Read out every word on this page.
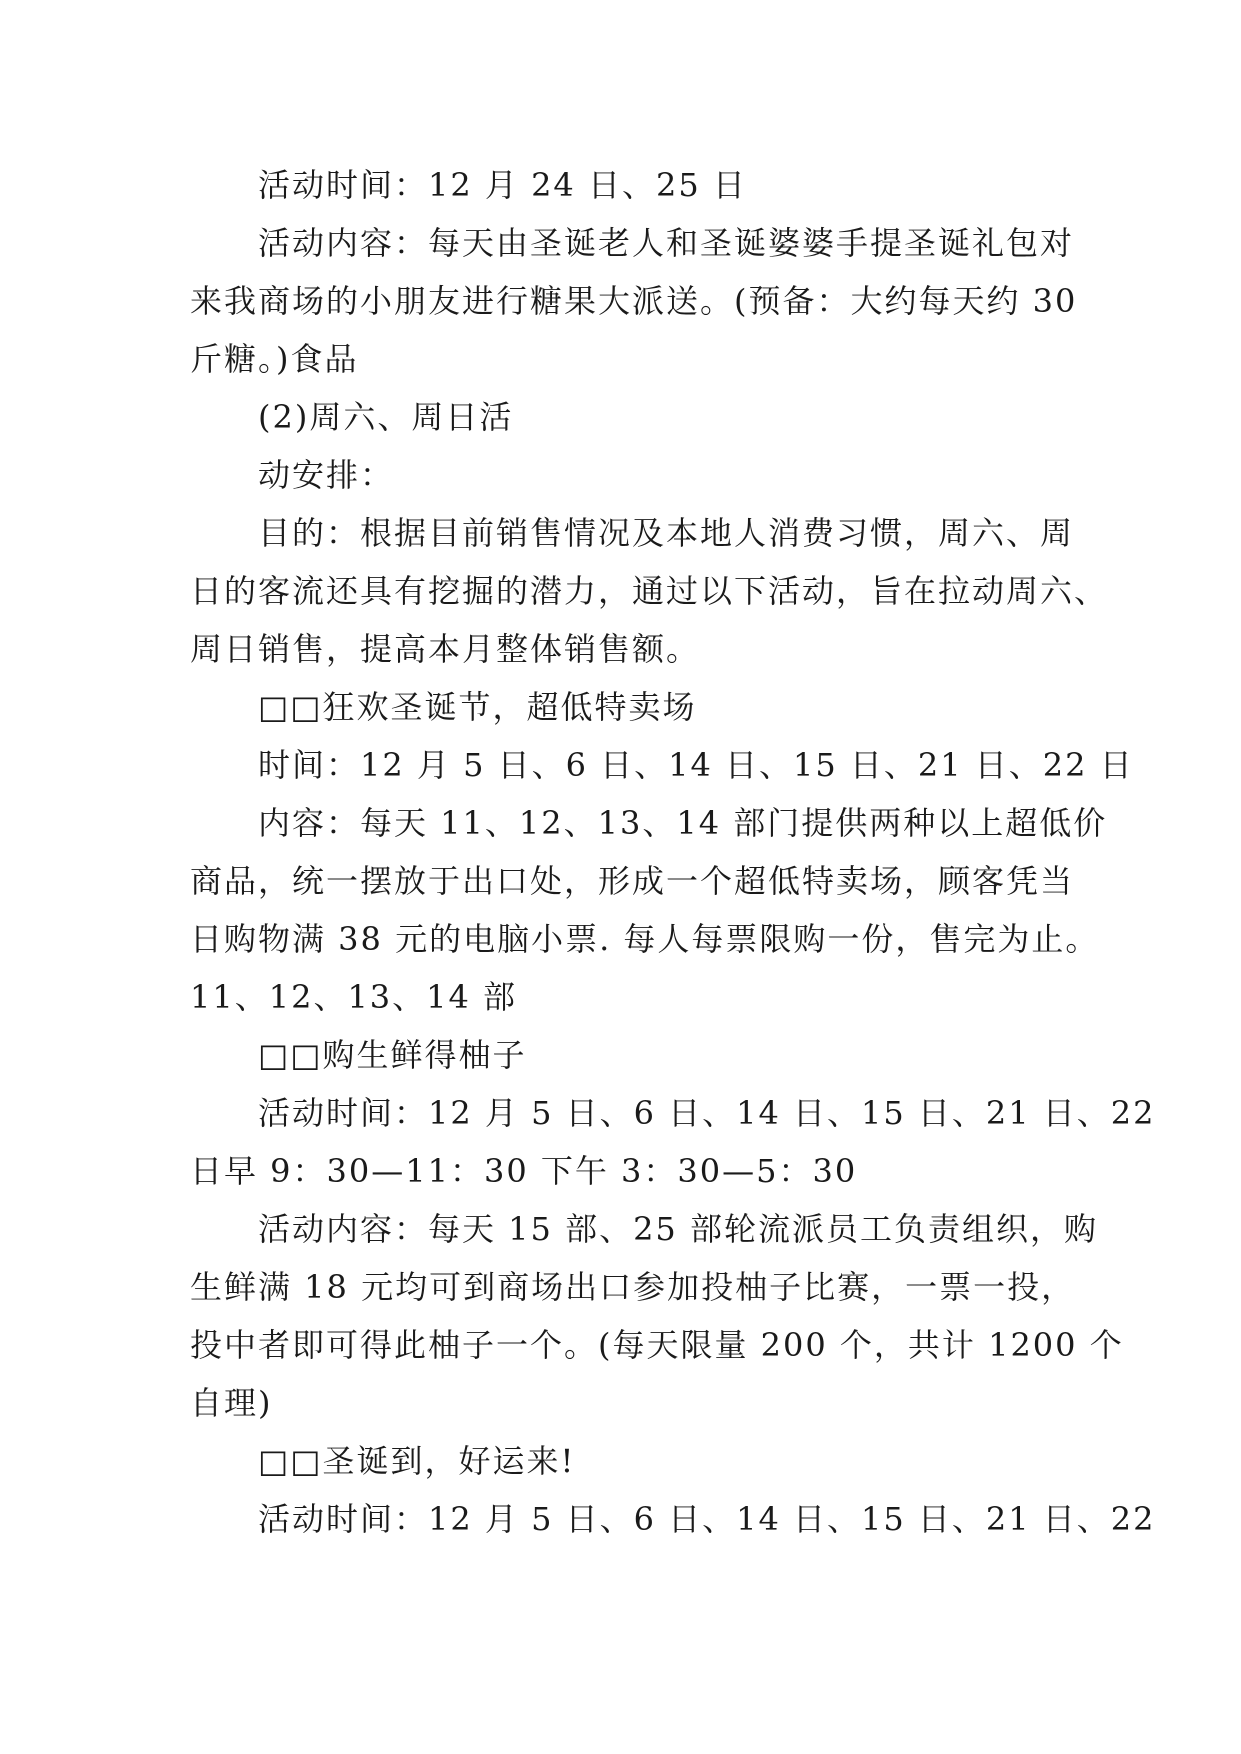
活动时间：12 月 24 日、25 日
活动内容：每天由圣诞老人和圣诞婆婆手提圣诞礼包对
来我商场的小朋友进行糖果大派送。(预备：大约每天约 30
斤糖。)食品
(2)周六、周日活
动安排：
目的：根据目前销售情况及本地人消费习惯，周六、周
日的客流还具有挖掘的潜力，通过以下活动，旨在拉动周六、
周日销售，提高本月整体销售额。
□□狂欢圣诞节，超低特卖场
时间：12 月 5 日、6 日、14 日、15 日、21 日、22 日
内容：每天 11、12、13、14 部门提供两种以上超低价
商品，统一摆放于出口处，形成一个超低特卖场，顾客凭当
日购物满 38 元的电脑小票. 每人每票限购一份，售完为止。
11、12、13、14 部
□□购生鲜得柚子
活动时间：12 月 5 日、6 日、14 日、15 日、21 日、22
日早 9：30—11：30 下午 3：30—5：30
活动内容：每天 15 部、25 部轮流派员工负责组织，购
生鲜满 18 元均可到商场出口参加投柚子比赛，一票一投，
投中者即可得此柚子一个。(每天限量 200 个，共计 1200 个
自理)
□□圣诞到，好运来!
活动时间：12 月 5 日、6 日、14 日、15 日、21 日、22
